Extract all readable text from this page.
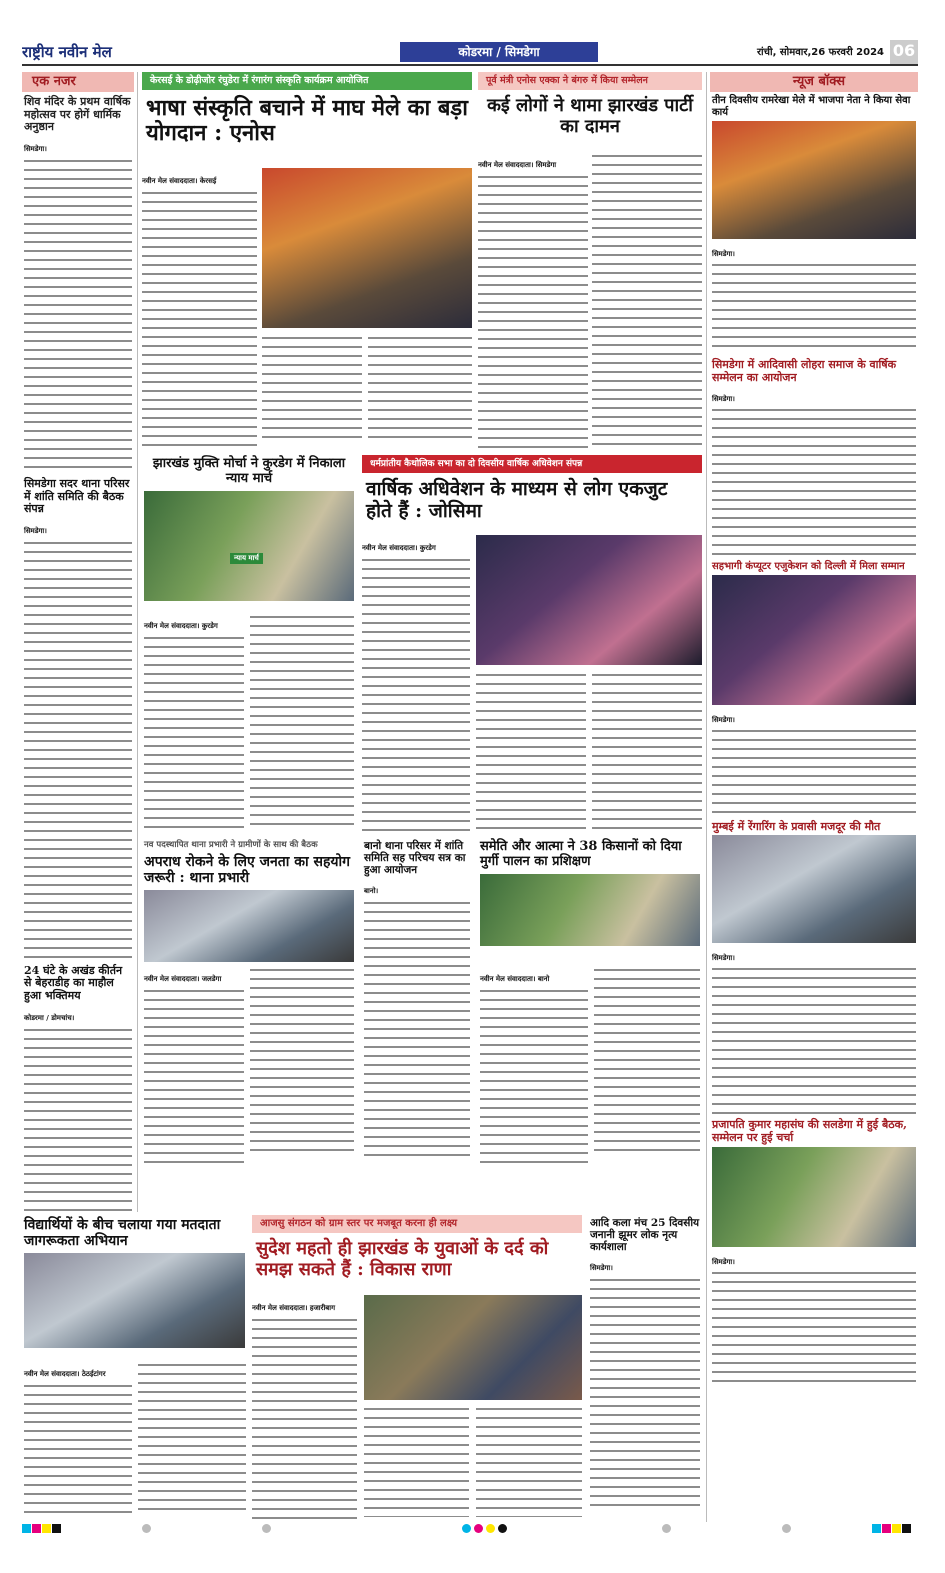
राष्ट्रीय नवीन मेल	कोडरमा / सिमडेगा	रांची, सोमवार,26 फरवरी 2024 06
एक नजर
शिव मंदिर के प्रथम वार्षिक महोत्सव पर होगें धार्मिक अनुष्ठान
सिमडेगा।
सिमडेगा सदर थाना परिसर में शांति समिति की बैठक संपन्न
सिमडेगा।
24 घंटे के अखंड कीर्तन से बेहराडीह का माहौल हुआ भक्तिमय
कोडरमा / डोमचांच।
केरसई के डोढ़ीजोर रंघुडेरा में रंगारंग संस्कृति कार्यक्रम आयोजित
भाषा संस्कृति बचाने में माघ मेले का बड़ा योगदान : एनोस
नवीन मेल संवाददाता। केरसई
पूर्व मंत्री एनोस एक्का ने बंगरु में किया सम्मेलन
कई लोगों ने थामा झारखंड पार्टी का दामन
नवीन मेल संवाददाता। सिमडेगा
न्यूज बॉक्स
तीन दिवसीय रामरेखा मेले में भाजपा नेता ने किया सेवा कार्य
सिमडेगा।
सिमडेगा में आदिवासी लोहरा समाज के वार्षिक सम्मेलन का आयोजन
सिमडेगा।
सहभागी कंप्यूटर एजुकेशन को दिल्ली में मिला सम्मान
सिमडेगा।
मुम्बई में रेंगारिंग के प्रवासी मजदूर की मौत
सिमडेगा।
प्रजापति कुमार महासंघ की सलडेगा में हुई बैठक, सम्मेलन पर हुई चर्चा
सिमडेगा।
झारखंड मुक्ति मोर्चा ने कुरडेग में निकाला न्याय मार्च
न्याय मार्च
नवीन मेल संवाददाता। कुरडेग
धर्मप्रांतीय कैथोलिक सभा का दो दिवसीय वार्षिक अधिवेशन संपन्न
वार्षिक अधिवेशन के माध्यम से लोग एकजुट होते हैं : जोसिमा
नवीन मेल संवाददाता। कुरडेग
नव पदस्थापित थाना प्रभारी ने ग्रामीणों के साथ की बैठक
अपराध रोकने के लिए जनता का सहयोग जरूरी : थाना प्रभारी
नवीन मेल संवाददाता। जलडेगा
बानो थाना परिसर में शांति समिति सह परिचय सत्र का हुआ आयोजन
बानो।
समेति और आत्मा ने 38 किसानों को दिया मुर्गी पालन का प्रशिक्षण
नवीन मेल संवाददाता। बानो
विद्यार्थियों के बीच चलाया गया मतदाता जागरूकता अभियान
नवीन मेल संवाददाता। ठेठईटांगर
आजसु संगठन को ग्राम स्तर पर मजबूत करना ही लक्ष्य
सुदेश महतो ही झारखंड के युवाओं के दर्द को समझ सकते हैं : विकास राणा
नवीन मेल संवाददाता। हजारीबाग
आदि कला मंच 25 दिवसीय जनानी झूमर लोक नृत्य कार्यशाला
सिमडेगा।
